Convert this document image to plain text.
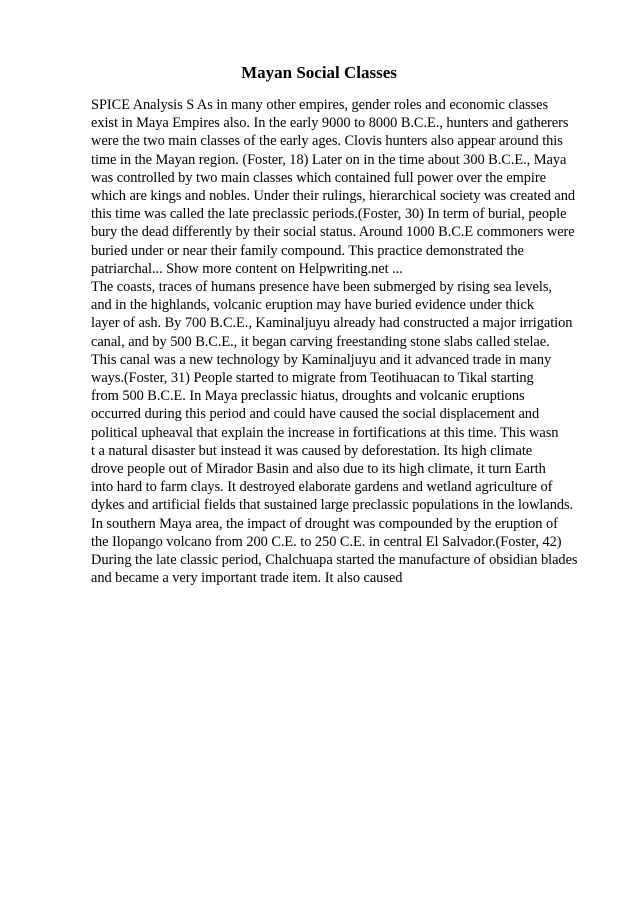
Mayan Social Classes
SPICE Analysis S As in many other empires, gender roles and economic classes
exist in Maya Empires also. In the early 9000 to 8000 B.C.E., hunters and gatherers
were the two main classes of the early ages. Clovis hunters also appear around this
time in the Mayan region. (Foster, 18) Later on in the time about 300 B.C.E., Maya
was controlled by two main classes which contained full power over the empire
which are kings and nobles. Under their rulings, hierarchical society was created and
this time was called the late preclassic periods.(Foster, 30) In term of burial, people
bury the dead differently by their social status. Around 1000 B.C.E commoners were
buried under or near their family compound. This practice demonstrated the
patriarchal... Show more content on Helpwriting.net ...
The coasts, traces of humans presence have been submerged by rising sea levels,
and in the highlands, volcanic eruption may have buried evidence under thick
layer of ash. By 700 B.C.E., Kaminaljuyu already had constructed a major irrigation
canal, and by 500 B.C.E., it began carving freestanding stone slabs called stelae.
This canal was a new technology by Kaminaljuyu and it advanced trade in many
ways.(Foster, 31) People started to migrate from Teotihuacan to Tikal starting
from 500 B.C.E. In Maya preclassic hiatus, droughts and volcanic eruptions
occurred during this period and could have caused the social displacement and
political upheaval that explain the increase in fortifications at this time. This wasn
t a natural disaster but instead it was caused by deforestation. Its high climate
drove people out of Mirador Basin and also due to its high climate, it turn Earth
into hard to farm clays. It destroyed elaborate gardens and wetland agriculture of
dykes and artificial fields that sustained large preclassic populations in the lowlands.
In southern Maya area, the impact of drought was compounded by the eruption of
the Ilopango volcano from 200 C.E. to 250 C.E. in central El Salvador.(Foster, 42)
During the late classic period, Chalchuapa started the manufacture of obsidian blades
and became a very important trade item. It also caused
